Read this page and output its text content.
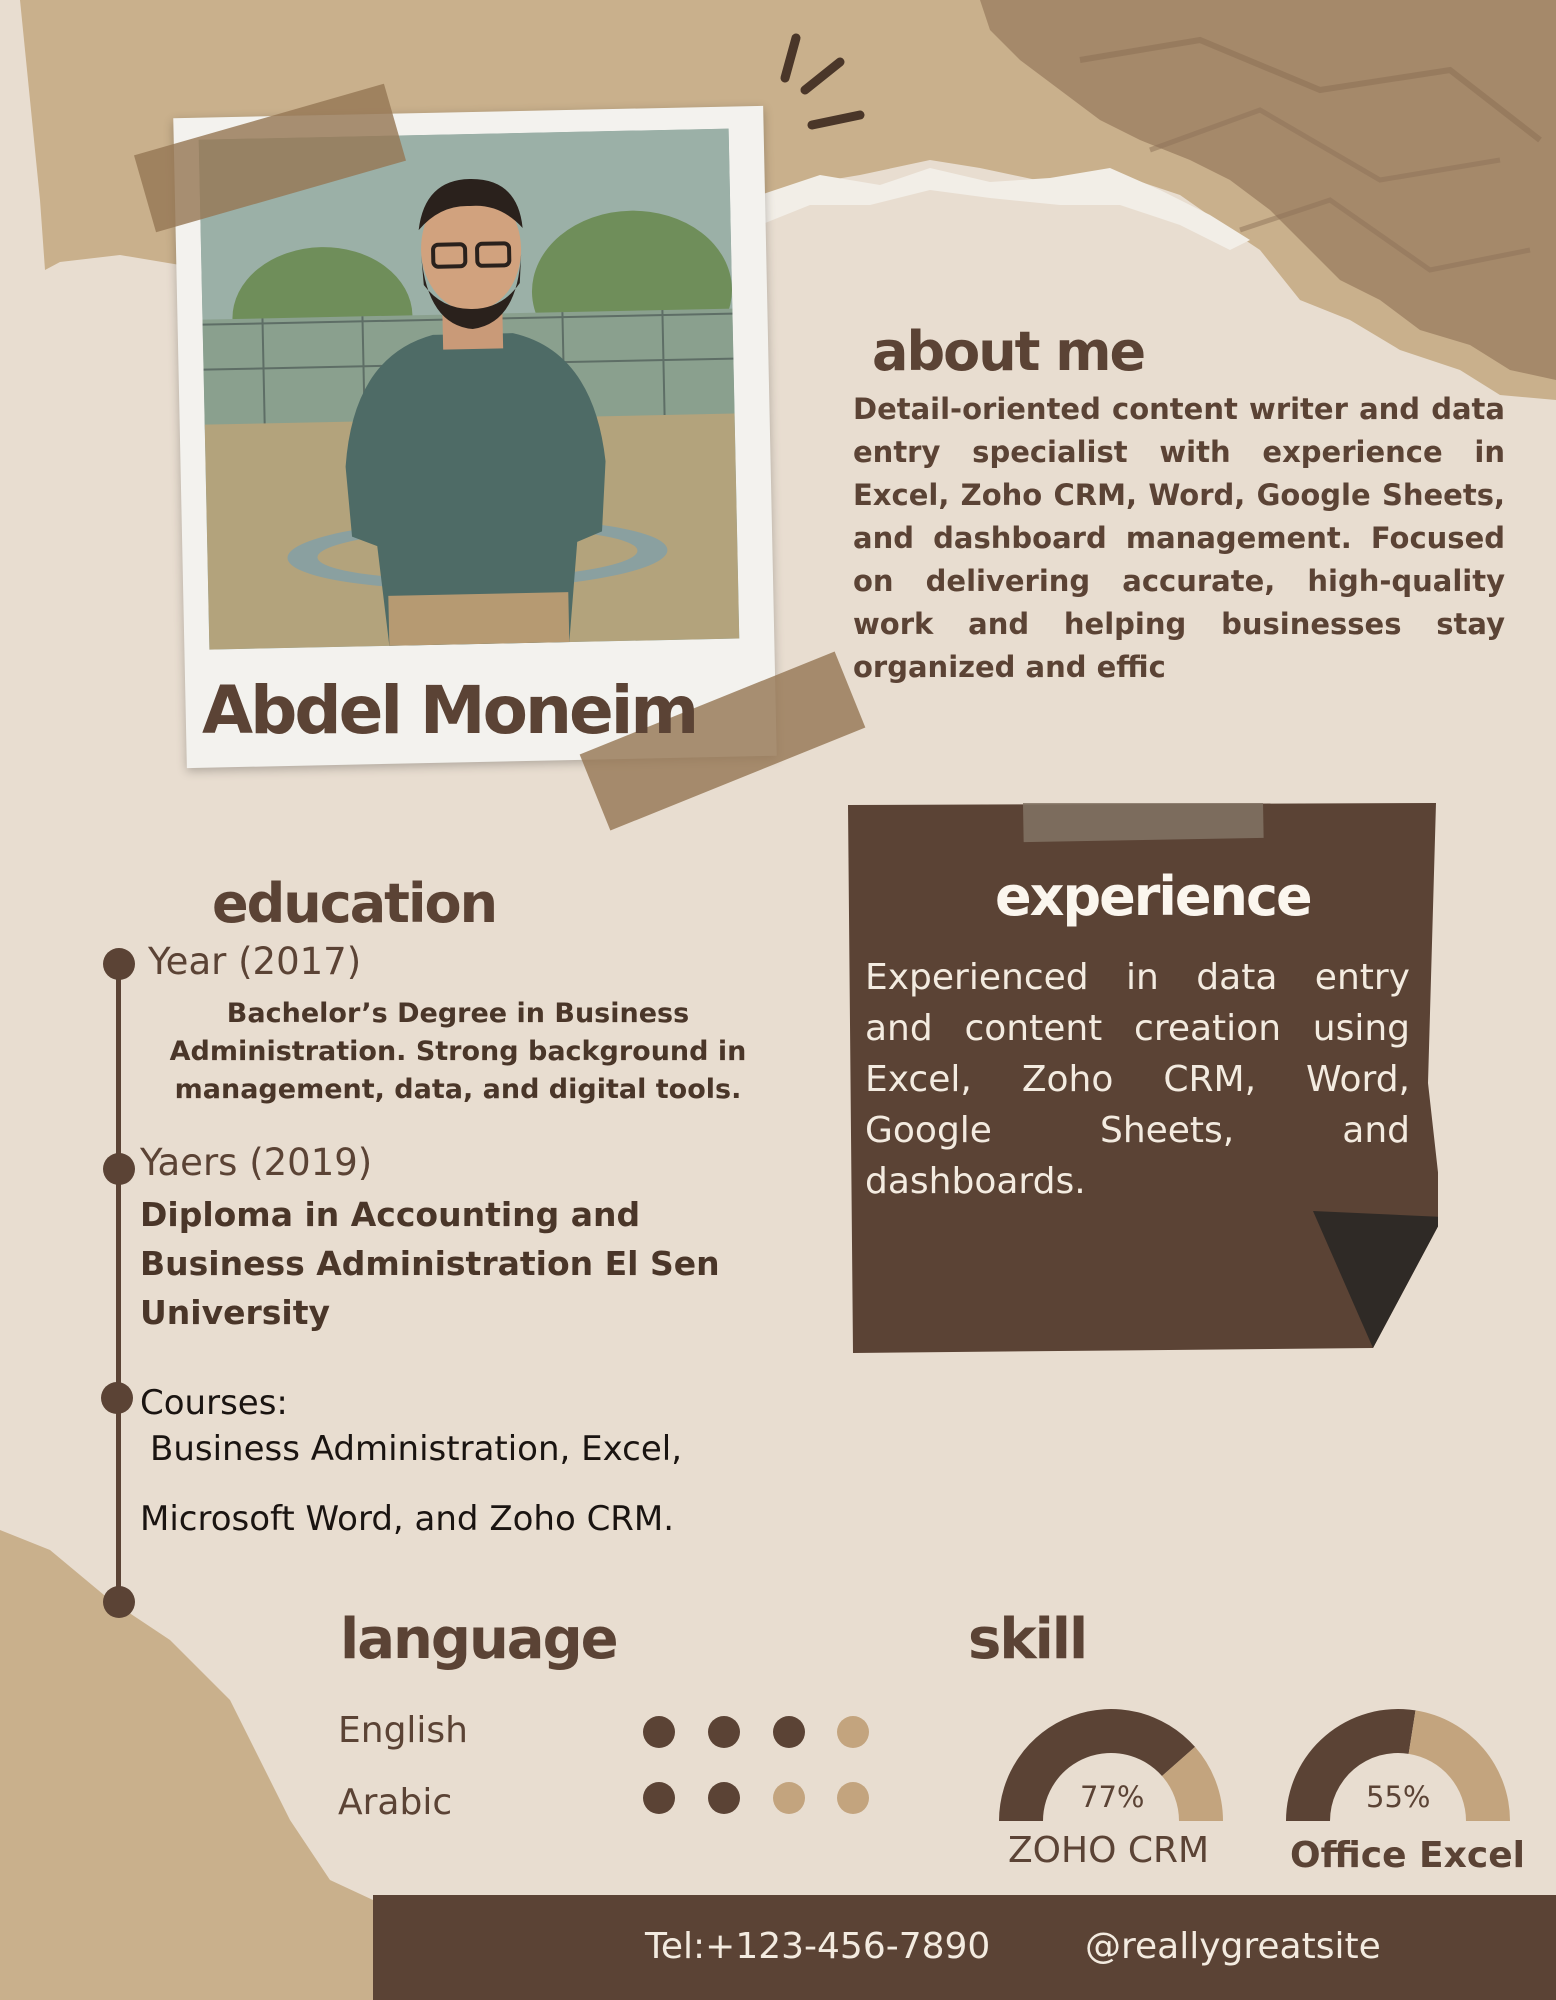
Abdel Moneim
about me
Detail-oriented content writer and data entry specialist with experience in Excel, Zoho CRM, Word, Google Sheets, and dashboard management. Focused on delivering accurate, high-quality work and helping businesses stay organized and effic
experience
Experienced in data entry and content creation using Excel, Zoho CRM, Word, Google Sheets, and dashboards.
education
Year (2017)
Bachelor’s Degree in Business Administration. Strong background in management, data, and digital tools.
Yaers (2019)
Diploma in Accounting and Business Administration El Sen University
Courses:
Business Administration, Excel,
Microsoft Word, and Zoho CRM.
language
English
Arabic
skill
77%	55%
ZOHO CRM Office Excel
Tel:+123-456-7890	@reallygreatsite
